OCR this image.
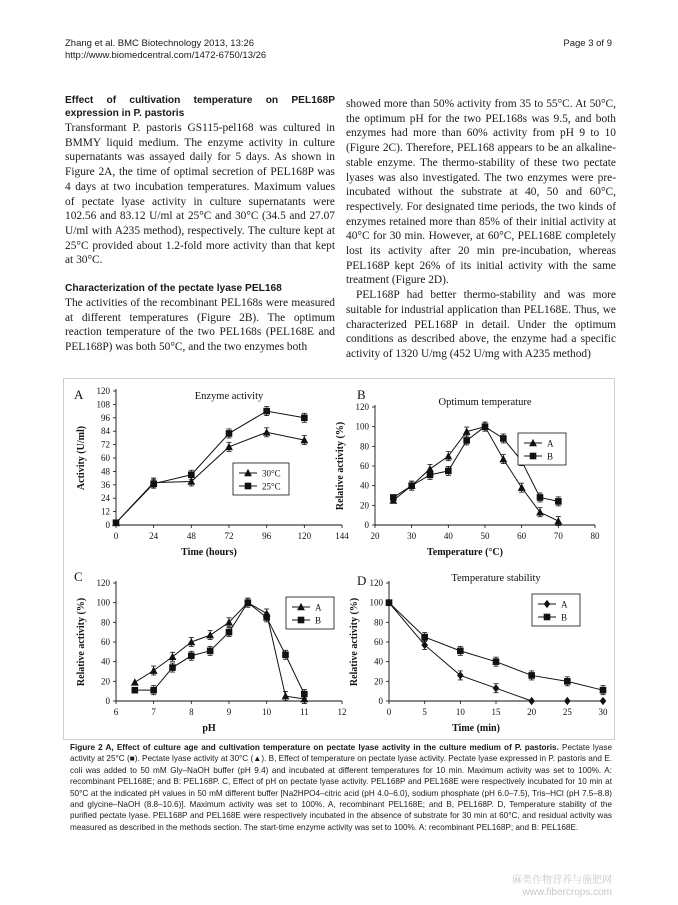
Zhang et al. BMC Biotechnology 2013, 13:26
http://www.biomedcentral.com/1472-6750/13/26
Page 3 of 9
Effect of cultivation temperature on PEL168P expression in P. pastoris

Transformant P. pastoris GS115-pel168 was cultured in BMMY liquid medium. The enzyme activity in culture supernatants was assayed daily for 5 days. As shown in Figure 2A, the time of optimal secretion of PEL168P was 4 days at two incubation temperatures. Maximum values of pectate lyase activity in culture supernatants were 102.56 and 83.12 U/ml at 25°C and 30°C (34.5 and 27.07 U/ml with A235 method), respectively. The culture kept at 25°C provided about 1.2-fold more activity than that kept at 30°C.

Characterization of the pectate lyase PEL168

The activities of the recombinant PEL168s were measured at different temperatures (Figure 2B). The optimum reaction temperature of the two PEL168s (PEL168E and PEL168P) was both 50°C, and the two enzymes both

showed more than 50% activity from 35 to 55°C. At 50°C, the optimum pH for the two PEL168s was 9.5, and both enzymes had more than 60% activity from pH 9 to 10 (Figure 2C). Therefore, PEL168 appears to be an alkaline-stable enzyme. The thermo-stability of these two pectate lyases was also investigated. The two enzymes were pre-incubated without the substrate at 40, 50 and 60°C, respectively. For designated time periods, the two kinds of enzymes retained more than 85% of their initial activity at 40°C for 30 min. However, at 60°C, PEL168E completely lost its activity after 20 min pre-incubation, whereas PEL168P kept 26% of its initial activity with the same treatment (Figure 2D).

PEL168P had better thermo-stability and was more suitable for industrial application than PEL168E. Thus, we characterized PEL168P in detail. Under the optimum conditions as described above, the enzyme had a specific activity of 1320 U/mg (452 U/mg with A235 method)

A
0	24	48	72	96	120	144
0
12
24
36
48
60
72
84
96
108
120
Time (hours)
Activity (U/ml)
Enzyme activity
30°C
25°C
B
20	30	40	50	60	70	80
0
20
40
60
80
100
120
Temperature (°C)
Relative activity (%)
Optimum temperature
A
B
C
6	7	8	9	10	11	12
0
20
40
60
80
100
120
pH
Relative activity (%)	A
B
D
0	5	10	15	20	25	30
0
20
40
60
80
100
120
Time (min)
Relative activity (%)
Temperature stability
A
B
Figure 2 A, Effect of culture age and cultivation temperature on pectate lyase activity in the culture medium of P. pastoris. Pectate lyase activity at 25°C (■). Pectate lyase activity at 30°C (▲). B, Effect of temperature on pectate lyase activity. Pectate lyase expressed in P. pastoris and E. coli was added to 50 mM Gly–NaOH buffer (pH 9.4) and incubated at different temperatures for 10 min. Maximum activity was set to 100%. A: recombinant PEL168E; and B: PEL168P. C, Effect of pH on pectate lyase activity. PEL168P and PEL168E were respectively incubated for 10 min at 50°C at the indicated pH values in 50 mM different buffer [Na2HPO4–citric acid (pH 4.0–6.0), sodium phosphate (pH 6.0–7.5), Tris–HCl (pH 7.5–8.8) and glycine–NaOH (8.8–10.6)]. Maximum activity was set to 100%. A, recombinant PEL168E; and B, PEL168P. D, Temperature stability of the purified pectate lyase. PEL168P and PEL168E were respectively incubated in the absence of substrate for 30 min at 60°C, and residual activity was measured as described in the methods section. The start-time enzyme activity was set to 100%. A: recombinant PEL168P; and B: PEL168E.
麻类作物营养与施肥网
www.fibercrops.com
